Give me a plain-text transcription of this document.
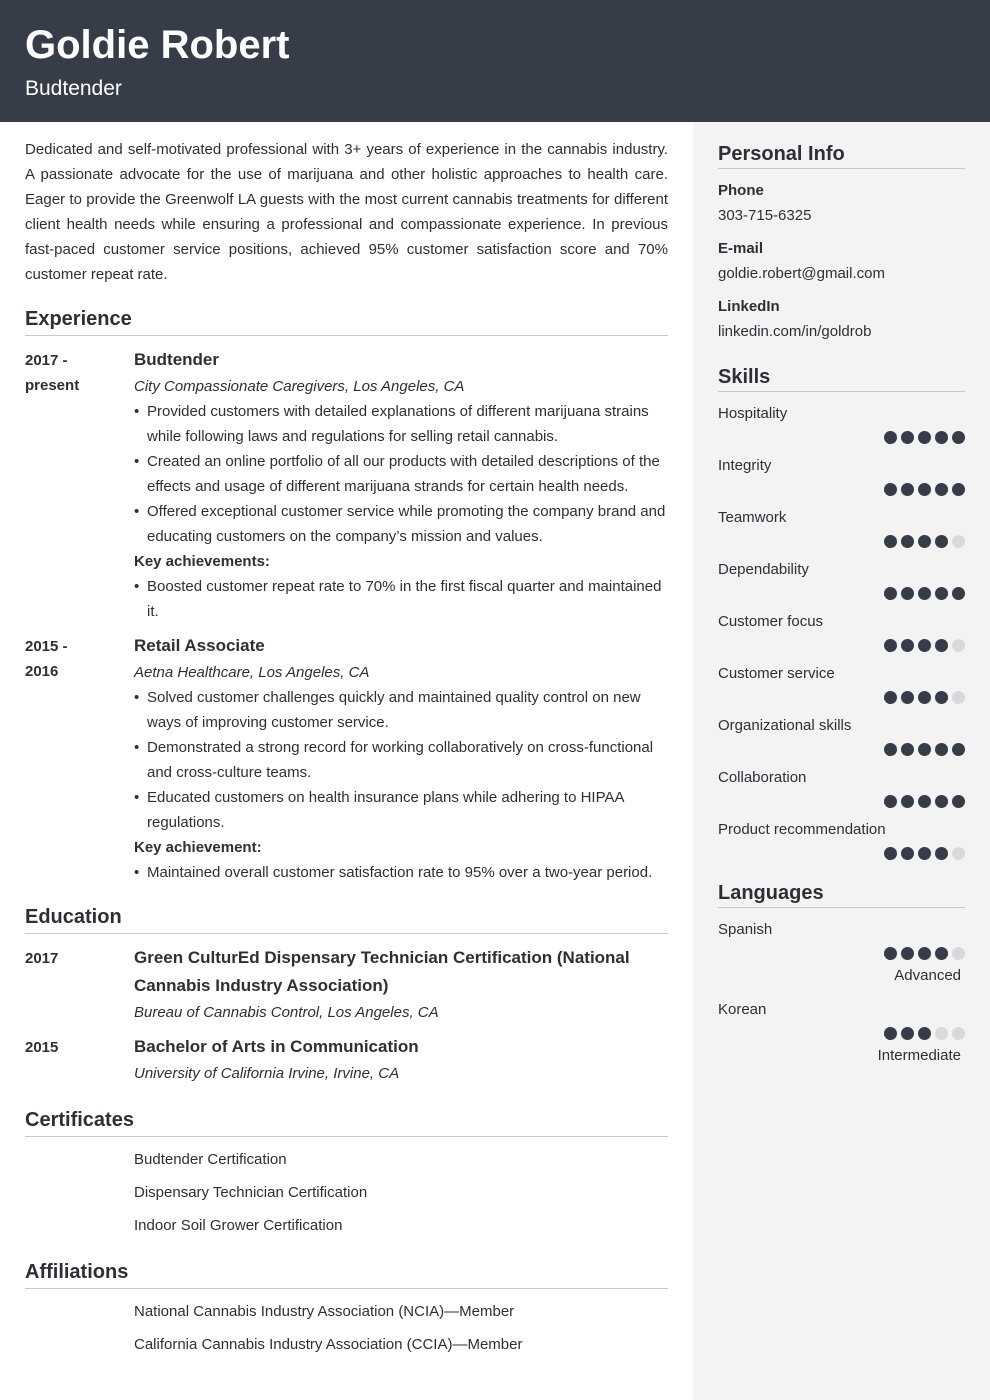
Goldie Robert
Budtender
Personal Info
Phone
303-715-6325
E-mail
goldie.robert@gmail.com
LinkedIn
linkedin.com/in/goldrob
Skills
Hospitality
Integrity
Teamwork
Dependability
Customer focus
Customer service
Organizational skills
Collaboration
Product recommendation
Languages
Spanish
Advanced
Korean
Intermediate

Dedicated and self-motivated professional with 3+ years of experience in the cannabis industry. A passionate advocate for the use of marijuana and other holistic approaches to health care. Eager to provide the Greenwolf LA guests with the most current cannabis treatments for different client health needs while ensuring a professional and compassionate experience. In previous fast-paced customer service positions, achieved 95% customer satisfaction score and 70% customer repeat rate.

Experience
2017 -
present
Budtender
City Compassionate Caregivers, Los Angeles, CA
• Provided customers with detailed explanations of different marijuana strains while following laws and regulations for selling retail cannabis.
• Created an online portfolio of all our products with detailed descriptions of the effects and usage of different marijuana strands for certain health needs.
• Offered exceptional customer service while promoting the company brand and educating customers on the company’s mission and values.
Key achievements:
• Boosted customer repeat rate to 70% in the first fiscal quarter and maintained it.
2015 -
2016
Retail Associate
Aetna Healthcare, Los Angeles, CA
• Solved customer challenges quickly and maintained quality control on new ways of improving customer service.
• Demonstrated a strong record for working collaboratively on cross-functional and cross-culture teams.
• Educated customers on health insurance plans while adhering to HIPAA regulations.
Key achievement:
• Maintained overall customer satisfaction rate to 95% over a two-year period.
Education
2017	Green CulturEd Dispensary Technician Certification (National Cannabis Industry Association)
Bureau of Cannabis Control, Los Angeles, CA
2015	Bachelor of Arts in Communication
University of California Irvine, Irvine, CA
Certificates
Budtender Certification
Dispensary Technician Certification
Indoor Soil Grower Certification
Affiliations
National Cannabis Industry Association (NCIA)—Member
California Cannabis Industry Association (CCIA)—Member
